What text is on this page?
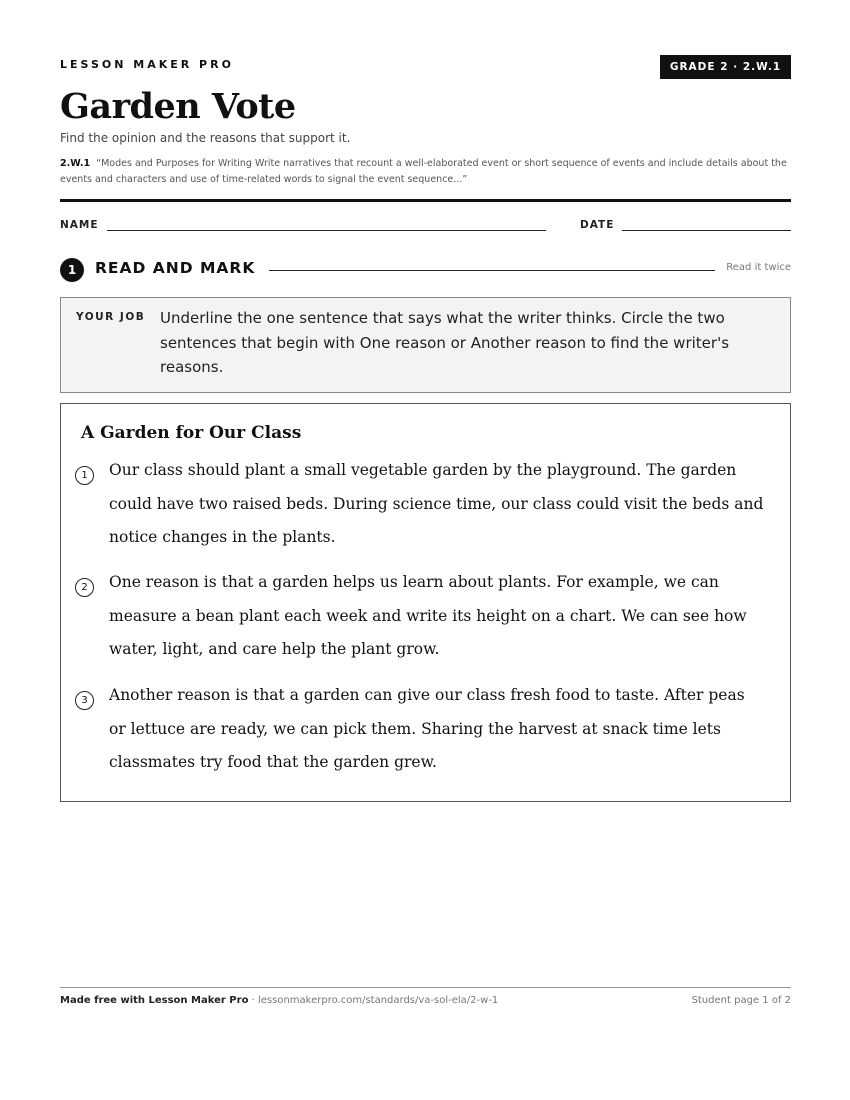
LESSON MAKER PRO	GRADE 2 · 2.W.1
Garden Vote
Find the opinion and the reasons that support it.
2.W.1 “Modes and Purposes for Writing Write narratives that recount a well-elaborated event or short sequence of events and include details about the events and characters and use of time-related words to signal the event sequence...”
NAME	DATE
1	READ AND MARK	Read it twice
YOUR JOB Underline the one sentence that says what the writer thinks. Circle the two sentences that begin with One reason or Another reason to find the writer's reasons.
A Garden for Our Class
1	Our class should plant a small vegetable garden by the playground. The garden could have two raised beds. During science time, our class could visit the beds and notice changes in the plants.
2	One reason is that a garden helps us learn about plants. For example, we can measure a bean plant each week and write its height on a chart. We can see how water, light, and care help the plant grow.
3	Another reason is that a garden can give our class fresh food to taste. After peas or lettuce are ready, we can pick them. Sharing the harvest at snack time lets classmates try food that the garden grew.
Made free with Lesson Maker Pro · lessonmakerpro.com/standards/va-sol-ela/2-w-1	Student page 1 of 2
